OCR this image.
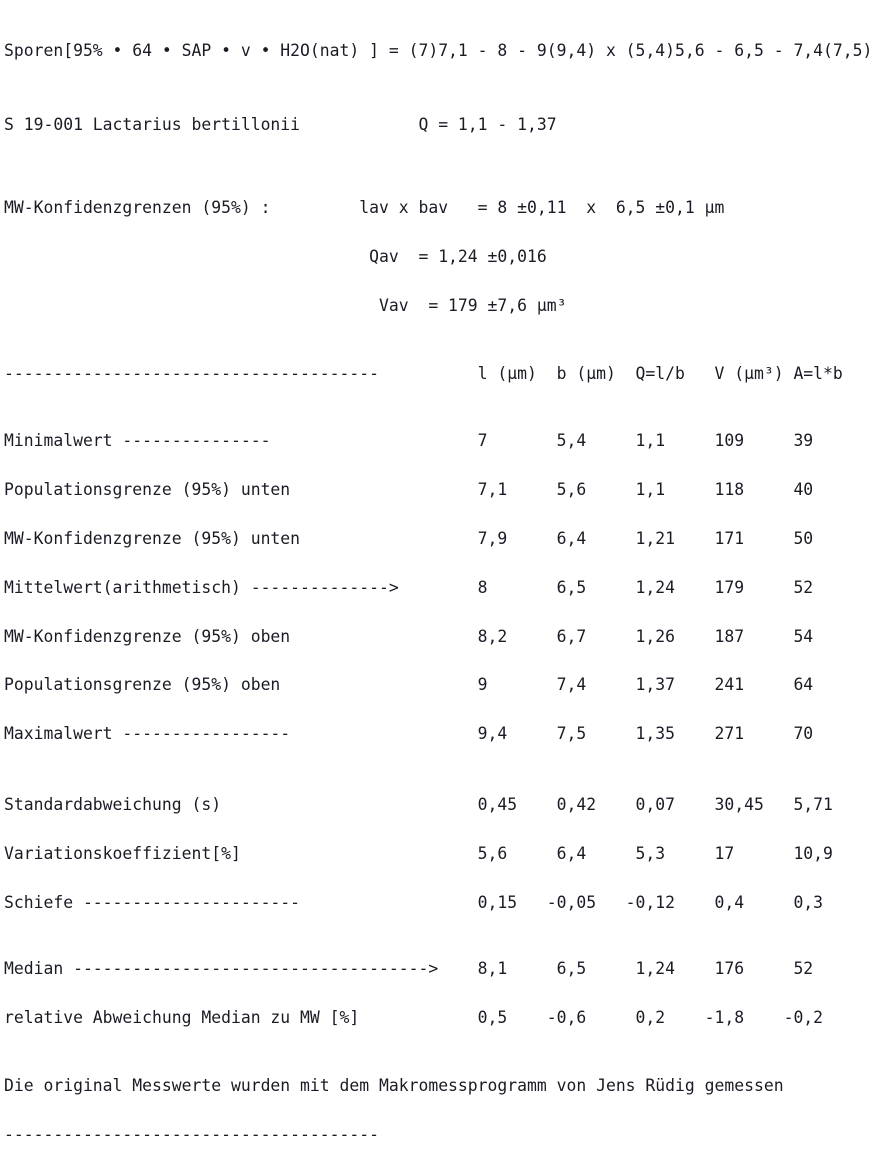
Sporen[95% • 64 • SAP • v • H2O(nat) ] = (7)7,1 - 8 - 9(9,4) x (5,4)5,6 - 6,5 - 7,4(7,5)

S 19-001 Lactarius bertillonii            Q = 1,1 - 1,37

MW-Konfidenzgrenzen (95%) :         lav x bav   = 8 ±0,11  x  6,5 ±0,1 µm

Qav  = 1,24 ±0,016

Vav  = 179 ±7,6 µm³

--------------------------------------          l (µm)  b (µm)  Q=l/b   V (µm³) A=l*b

Minimalwert ---------------                     7       5,4     1,1     109     39

Populationsgrenze (95%) unten                   7,1     5,6     1,1     118     40

MW-Konfidenzgrenze (95%) unten                  7,9     6,4     1,21    171     50

Mittelwert(arithmetisch) -------------->        8       6,5     1,24    179     52

MW-Konfidenzgrenze (95%) oben                   8,2     6,7     1,26    187     54

Populationsgrenze (95%) oben                    9       7,4     1,37    241     64

Maximalwert -----------------                   9,4     7,5     1,35    271     70

Standardabweichung (s)                          0,45    0,42    0,07    30,45   5,71

Variationskoeffizient[%]                        5,6     6,4     5,3     17      10,9

Schiefe ----------------------                  0,15   -0,05   -0,12    0,4     0,3

Median ------------------------------------>    8,1     6,5     1,24    176     52

relative Abweichung Median zu MW [%]            0,5    -0,6     0,2    -1,8    -0,2

Die original Messwerte wurden mit dem Makromessprogramm von Jens Rüdig gemessen

--------------------------------------
